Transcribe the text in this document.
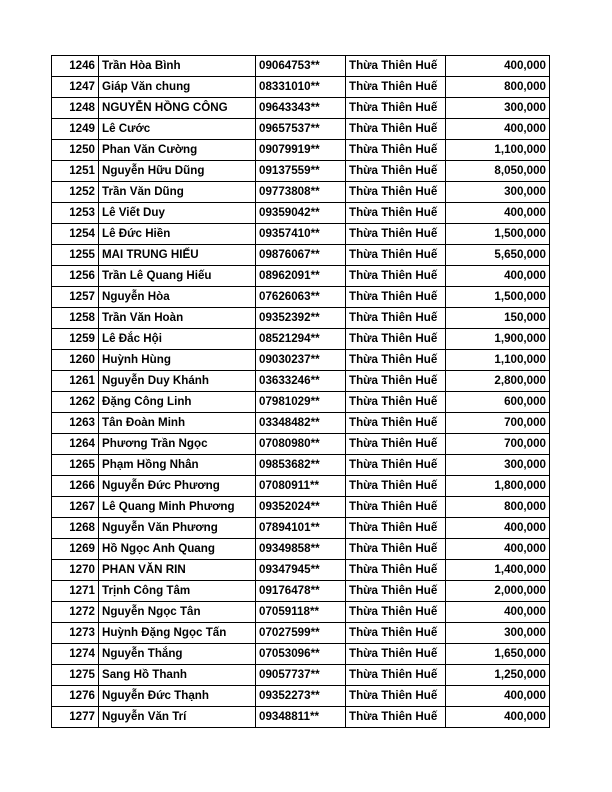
1246	Trần Hòa Bình	09064753**	Thừa Thiên Huế	400,000
1247	Giáp Văn chung	08331010**	Thừa Thiên Huế	800,000
1248	NGUYỄN HỒNG CÔNG	09643343**	Thừa Thiên Huế	300,000
1249	Lê Cước	09657537**	Thừa Thiên Huế	400,000
1250	Phan Văn Cường	09079919**	Thừa Thiên Huế	1,100,000
1251	Nguyễn Hữu Dũng	09137559**	Thừa Thiên Huế	8,050,000
1252	Trần Văn Dũng	09773808**	Thừa Thiên Huế	300,000
1253	Lê Viết Duy	09359042**	Thừa Thiên Huế	400,000
1254	Lê Đức Hiền	09357410**	Thừa Thiên Huế	1,500,000
1255	MAI TRUNG HIẾU	09876067**	Thừa Thiên Huế	5,650,000
1256	Trần Lê Quang Hiếu	08962091**	Thừa Thiên Huế	400,000
1257	Nguyễn Hòa	07626063**	Thừa Thiên Huế	1,500,000
1258	Trần Văn Hoàn	09352392**	Thừa Thiên Huế	150,000
1259	Lê Đắc Hội	08521294**	Thừa Thiên Huế	1,900,000
1260	Huỳnh Hùng	09030237**	Thừa Thiên Huế	1,100,000
1261	Nguyễn Duy Khánh	03633246**	Thừa Thiên Huế	2,800,000
1262	Đặng Công Linh	07981029**	Thừa Thiên Huế	600,000
1263	Tân Đoàn Minh	03348482**	Thừa Thiên Huế	700,000
1264	Phương Trần Ngọc	07080980**	Thừa Thiên Huế	700,000
1265	Phạm Hồng Nhân	09853682**	Thừa Thiên Huế	300,000
1266	Nguyễn Đức Phương	07080911**	Thừa Thiên Huế	1,800,000
1267	Lê Quang Minh Phương	09352024**	Thừa Thiên Huế	800,000
1268	Nguyễn Văn Phương	07894101**	Thừa Thiên Huế	400,000
1269	Hồ Ngọc Anh Quang	09349858**	Thừa Thiên Huế	400,000
1270	PHAN VĂN RIN	09347945**	Thừa Thiên Huế	1,400,000
1271	Trịnh Công Tâm	09176478**	Thừa Thiên Huế	2,000,000
1272	Nguyễn Ngọc Tân	07059118**	Thừa Thiên Huế	400,000
1273	Huỳnh Đặng Ngọc Tấn	07027599**	Thừa Thiên Huế	300,000
1274	Nguyễn Thắng	07053096**	Thừa Thiên Huế	1,650,000
1275	Sang Hồ Thanh	09057737**	Thừa Thiên Huế	1,250,000
1276	Nguyễn Đức Thạnh	09352273**	Thừa Thiên Huế	400,000
1277	Nguyễn Văn Trí	09348811**	Thừa Thiên Huế	400,000
